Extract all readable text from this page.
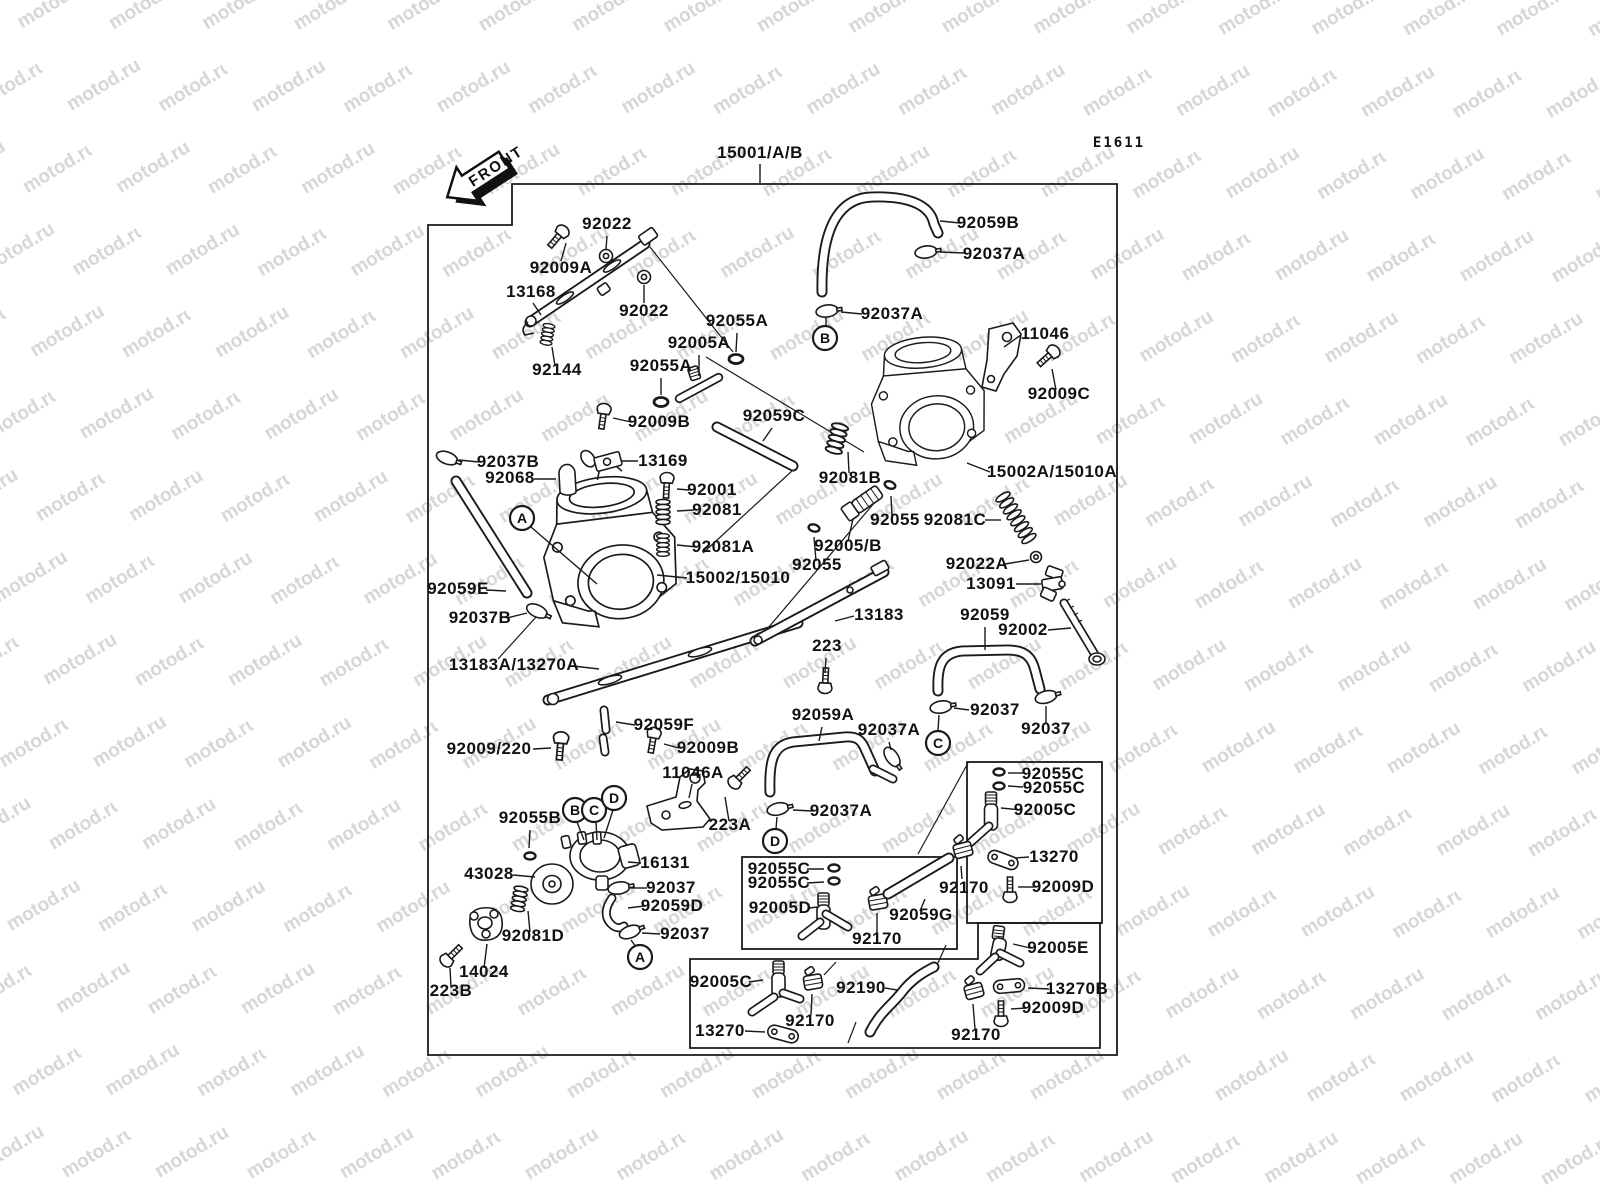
FRONT	E1611
15001/A/B
92059B
92037A
92037A
92022
92009A
13168
92022
92144
92055A
92005A
92055A
92009B	92059C
11046
92009C
92037B
92068
13169
92001
92081
92081A
15002/15010
92059E
92037B
13183A/13270A
15002A/15010A
92081B
92055 92081C
92005/B
92055	92022A
13091
13183
223
92059
92002
92059A
92037A
92037
92037
92009/220
92059F
92009B
11046A
223A
92037A
92055B
16131
43028
92037
92059D
92037
92081D
14024
223B
92055C
92055C
92005C
13270
92170	92009D
92055C
92055C
92005D
92170
92059G
92005C
92170
13270
92190
92170
92005E
13270B
92009D
A
B
B C
C
D
D
A
